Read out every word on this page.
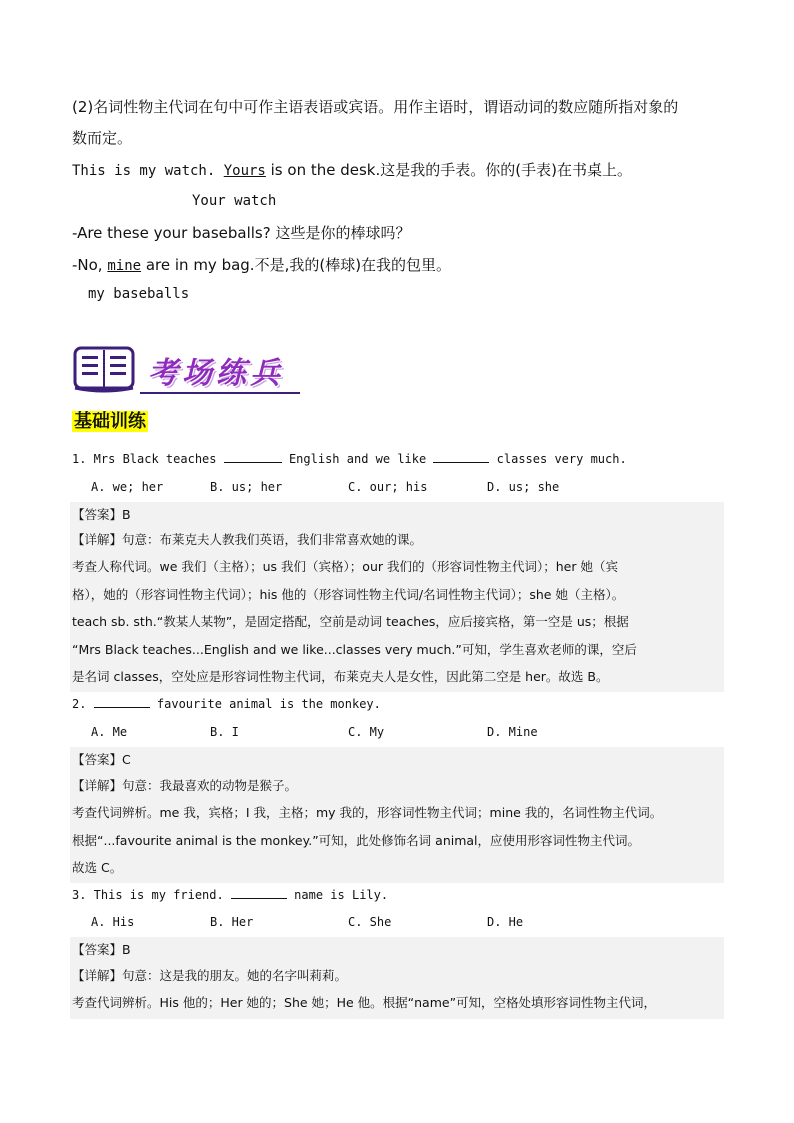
(2)名词性物主代词在句中可作主语表语或宾语。用作主语时，谓语动词的数应随所指对象的
数而定。
This is my watch. Yours is on the desk.这是我的手表。你的(手表)在书桌上。
Your watch
-Are these your baseballs? 这些是你的棒球吗？
-No, mine are in my bag.不是,我的(棒球)在我的包里。
my baseballs
考场练兵
基础训练
1. Mrs Black teaches	English and we like	classes very much.
A. we; her	B. us; her	C. our; his	D. us; she
【答案】B
【详解】句意：布莱克夫人教我们英语，我们非常喜欢她的课。
考查人称代词。we 我们（主格）；us 我们（宾格）；our 我们的（形容词性物主代词）；her 她（宾
格），她的（形容词性物主代词）；his 他的（形容词性物主代词/名词性物主代词）；she 她（主格）。
teach sb. sth.“教某人某物”，是固定搭配，空前是动词 teaches，应后接宾格，第一空是 us；根据
“Mrs Black teaches...English and we like...classes very much.”可知，学生喜欢老师的课，空后
是名词 classes，空处应是形容词性物主代词，布莱克夫人是女性，因此第二空是 her。故选 B。
2.	favourite animal is the monkey.
A. Me	B. I	C. My	D. Mine
【答案】C
【详解】句意：我最喜欢的动物是猴子。
考查代词辨析。me 我，宾格；I 我，主格；my 我的，形容词性物主代词；mine 我的，名词性物主代词。
根据“...favourite animal is the monkey.”可知，此处修饰名词 animal，应使用形容词性物主代词。
故选 C。
3. This is my friend.	name is Lily.
A. His	B. Her	C. She	D. He
【答案】B
【详解】句意：这是我的朋友。她的名字叫莉莉。
考查代词辨析。His 他的；Her 她的；She 她；He 他。根据“name”可知，空格处填形容词性物主代词，
